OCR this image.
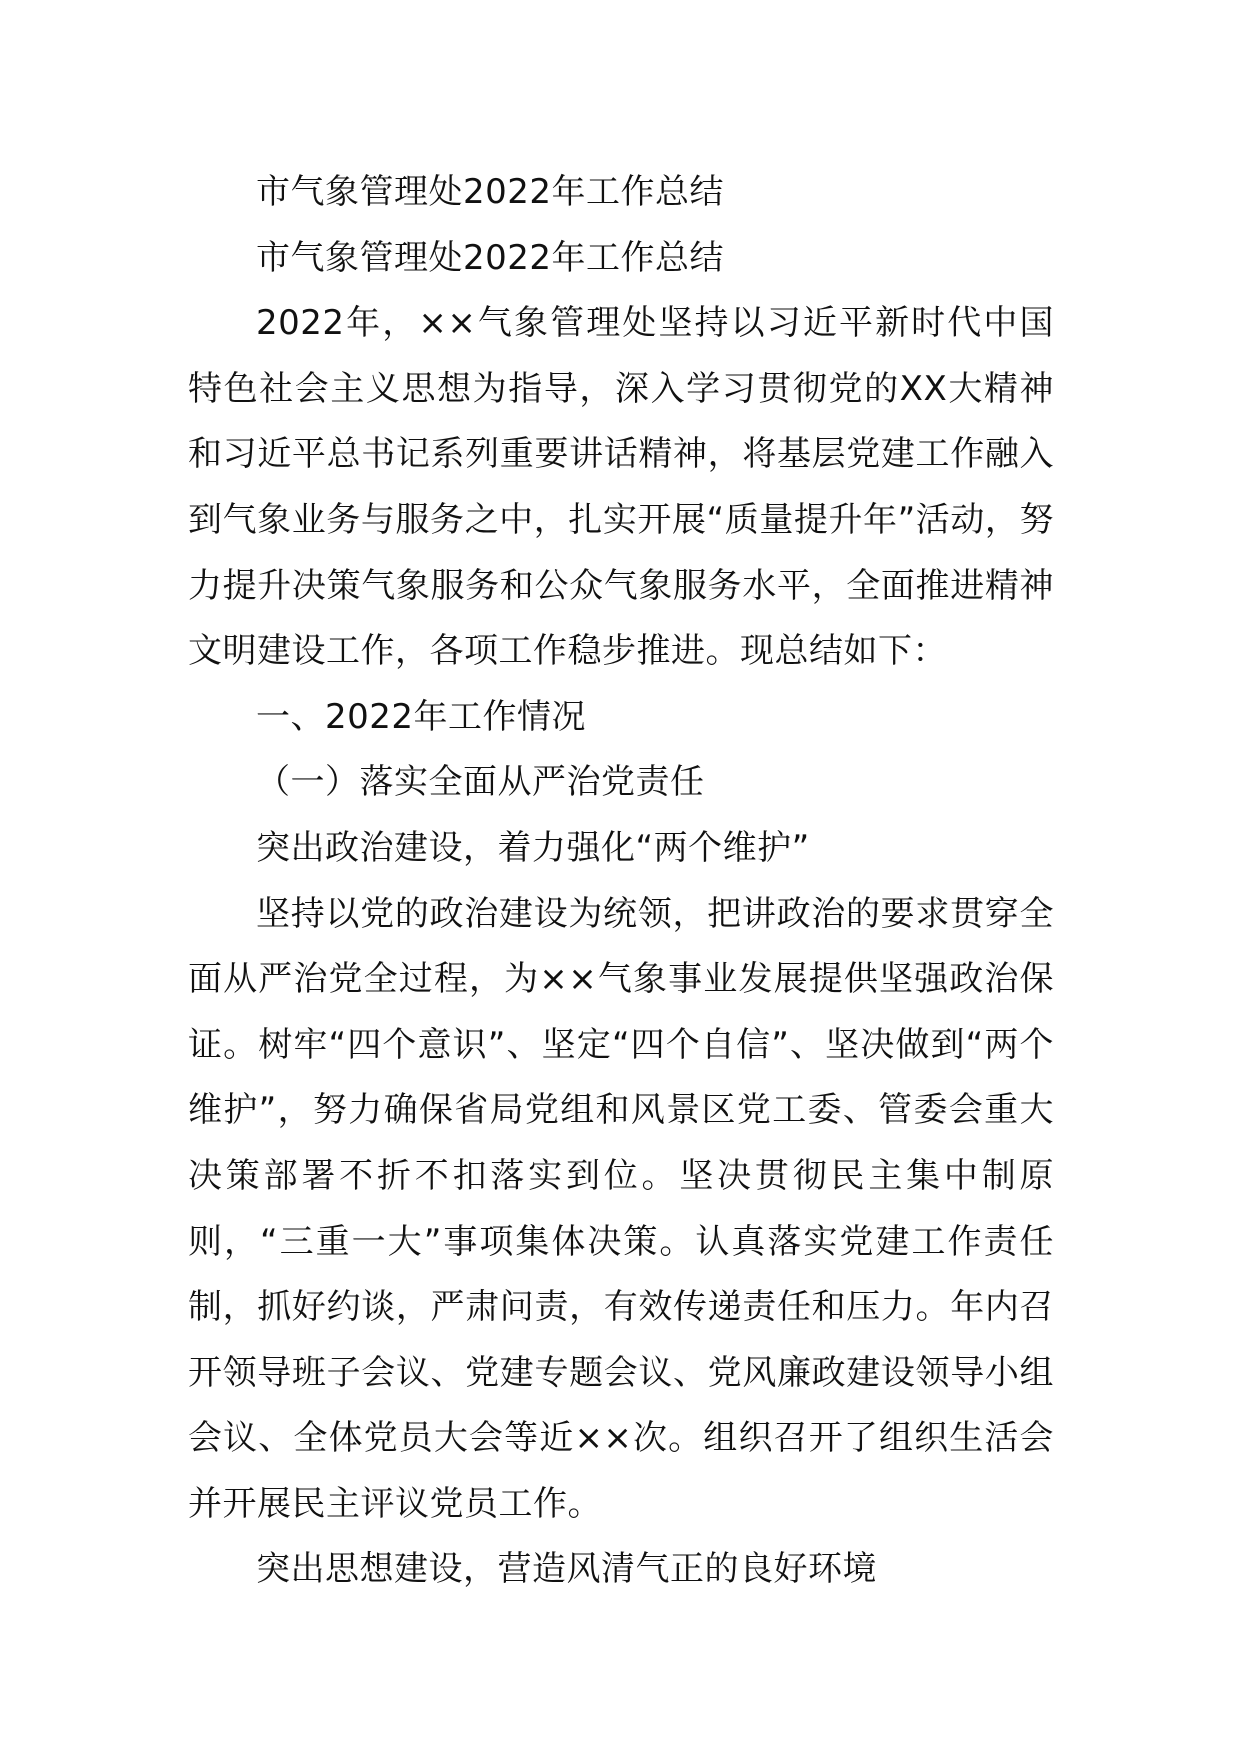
市气象管理处2022年工作总结

市气象管理处2022年工作总结

2022年，××气象管理处坚持以习近平新时代中国特色社会主义思想为指导，深入学习贯彻党的XX大精神和习近平总书记系列重要讲话精神，将基层党建工作融入到气象业务与服务之中，扎实开展“质量提升年”活动，努力提升决策气象服务和公众气象服务水平，全面推进精神文明建设工作，各项工作稳步推进。现总结如下：

一、2022年工作情况

（一）落实全面从严治党责任

突出政治建设，着力强化“两个维护”

坚持以党的政治建设为统领，把讲政治的要求贯穿全面从严治党全过程，为××气象事业发展提供坚强政治保证。树牢“四个意识”、坚定“四个自信”、坚决做到“两个维护”，努力确保省局党组和风景区党工委、管委会重大决策部署不折不扣落实到位。坚决贯彻民主集中制原则，“三重一大”事项集体决策。认真落实党建工作责任制，抓好约谈，严肃问责，有效传递责任和压力。年内召开领导班子会议、党建专题会议、党风廉政建设领导小组会议、全体党员大会等近××次。组织召开了组织生活会并开展民主评议党员工作。

突出思想建设，营造风清气正的良好环境
